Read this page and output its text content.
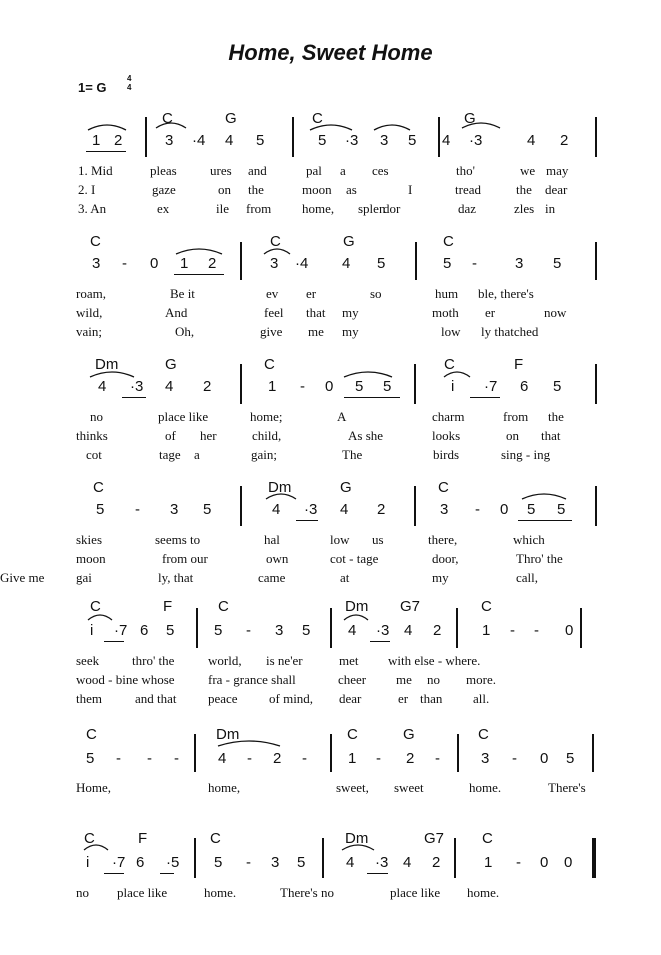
Home, Sweet Home
1= G
4
4
C	G	C	G
1 2	3 ·4 4 5	5 ·3 3 5 4 ·3	4 2
1. Mid	pleas	ures and	pal a ces	tho'	we may
2. I	gaze	on the	moon as	I	tread	the dear
3. An	ex	ile from home, splen
dor	daz	zles in
C	C	G	C
3 - 0 1 2	3 ·4 4 5	5 -	3 5
roam,	Be it	ev er	so	hum ble, there's
wild,	And	feel that my	moth er	now
vain;	Oh,	give me my	low ly thatched
Dm	G	C	C	F
4 ·3 4 2	1 - 0 5 5	i ·7 6 5
no	place like	home;	A	charm	from the
thinks	of her	child,	As she	looks	on that
cot	tage a	gain;	The	birds	sing - ing
C	Dm	G	C
5 - 3 5	4 ·3 4 2	3 - 0 5 5
skies	seems to	hal	low us	there,	which
moon	from our	own	cot - tage	door,	Thro' the
gai	ly, that	came	at	my	call,
Give me
C	F	C	Dm G7	C
i ·7 6 5	5 - 3 5	4 ·3 4 2	1 - - 0
seek	thro' the	world, is ne'er	met with else - where.
wood - bine whose	fra - grance shall	cheer me no more.
them	and that peace of mind, dear	er than all.
C	Dm	C	G	C
5 - - -	4 - 2 -	1 - 2 -	3 - 0 5
Home,	home,	sweet, sweet	home.	There's
C	F	C	Dm	G7	C
i ·7 6 ·5 5 - 3 5	4 ·3 4 2	1 - 0 0
no place like	home.	There's no	place like home.
